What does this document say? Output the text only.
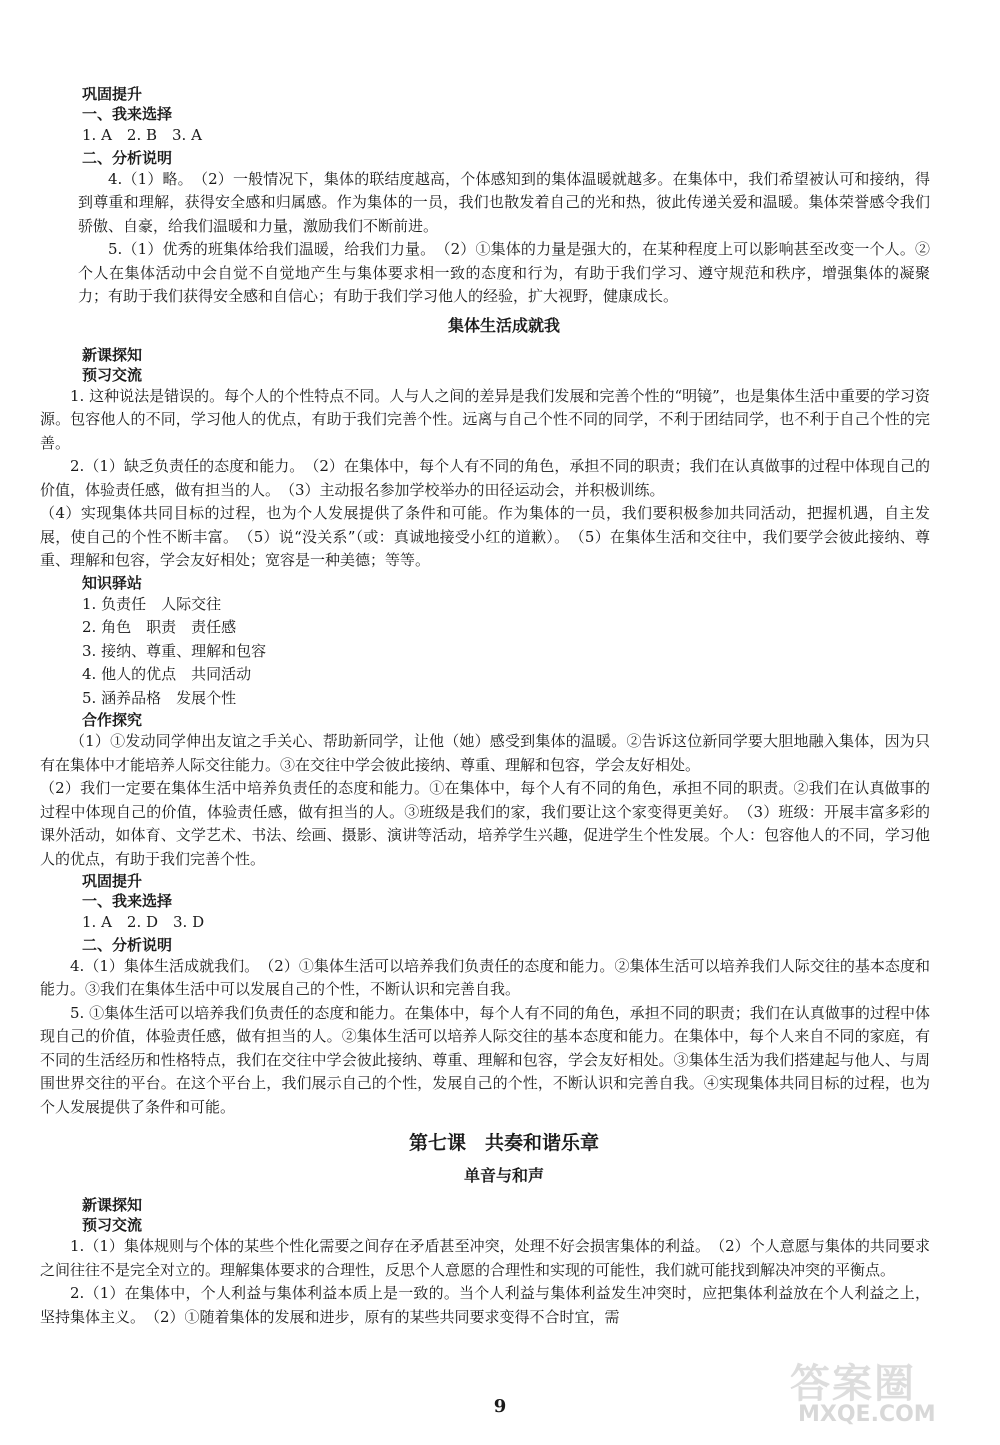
巩固提升

一、我来选择

1. A　2. B　3. A

二、分析说明

4.（1）略。　（2）一般情况下，集体的联结度越高，个体感知到的集体温暖就越多。在集体中，我们希望被认可和接纳，得到尊重和理解，获得安全感和归属感。作为集体的一员，我们也散发着自己的光和热，彼此传递关爱和温暖。集体荣誉感令我们骄傲、自豪，给我们温暖和力量，激励我们不断前进。

5.（1）优秀的班集体给我们温暖，给我们力量。　（2）①集体的力量是强大的，在某种程度上可以影响甚至改变一个人。②个人在集体活动中会自觉不自觉地产生与集体要求相一致的态度和行为，有助于我们学习、遵守规范和秩序，增强集体的凝聚力；有助于我们获得安全感和自信心；有助于我们学习他人的经验，扩大视野，健康成长。

集体生活成就我

新课探知

预习交流

1. 这种说法是错误的。每个人的个性特点不同。人与人之间的差异是我们发展和完善个性的“明镜”，也是集体生活中重要的学习资源。包容他人的不同，学习他人的优点，有助于我们完善个性。远离与自己个性不同的同学，不利于团结同学，也不利于自己个性的完善。

2.（1）缺乏负责任的态度和能力。　（2）在集体中，每个人有不同的角色，承担不同的职责；我们在认真做事的过程中体现自己的价值，体验责任感，做有担当的人。　（3）主动报名参加学校举办的田径运动会，并积极训练。

（4）实现集体共同目标的过程，也为个人发展提供了条件和可能。作为集体的一员，我们要积极参加共同活动，把握机遇，自主发展，使自己的个性不断丰富。　（5）说“没关系”（或：真诚地接受小红的道歉）。　（5）在集体生活和交往中，我们要学会彼此接纳、尊重、理解和包容，学会友好相处；宽容是一种美德；等等。

知识驿站

1. 负责任　人际交往

2. 角色　职责　责任感

3. 接纳、尊重、理解和包容

4. 他人的优点　共同活动

5. 涵养品格　发展个性

合作探究

（1）①发动同学伸出友谊之手关心、帮助新同学，让他（她）感受到集体的温暖。②告诉这位新同学要大胆地融入集体，因为只有在集体中才能培养人际交往能力。③在交往中学会彼此接纳、尊重、理解和包容，学会友好相处。

（2）我们一定要在集体生活中培养负责任的态度和能力。①在集体中，每个人有不同的角色，承担不同的职责。②我们在认真做事的过程中体现自己的价值，体验责任感，做有担当的人。③班级是我们的家，我们要让这个家变得更美好。　（3）班级：开展丰富多彩的课外活动，如体育、文学艺术、书法、绘画、摄影、演讲等活动，培养学生兴趣，促进学生个性发展。个人：包容他人的不同，学习他人的优点，有助于我们完善个性。

巩固提升

一、我来选择

1. A　2. D　3. D

二、分析说明

4.（1）集体生活成就我们。　（2）①集体生活可以培养我们负责任的态度和能力。②集体生活可以培养我们人际交往的基本态度和能力。③我们在集体生活中可以发展自己的个性，不断认识和完善自我。

5. ①集体生活可以培养我们负责任的态度和能力。在集体中，每个人有不同的角色，承担不同的职责；我们在认真做事的过程中体现自己的价值，体验责任感，做有担当的人。②集体生活可以培养人际交往的基本态度和能力。在集体中，每个人来自不同的家庭，有不同的生活经历和性格特点，我们在交往中学会彼此接纳、尊重、理解和包容，学会友好相处。③集体生活为我们搭建起与他人、与周围世界交往的平台。在这个平台上，我们展示自己的个性，发展自己的个性，不断认识和完善自我。④实现集体共同目标的过程，也为个人发展提供了条件和可能。

第七课　共奏和谐乐章

单音与和声

新课探知

预习交流

1.（1）集体规则与个体的某些个性化需要之间存在矛盾甚至冲突，处理不好会损害集体的利益。　（2）个人意愿与集体的共同要求之间往往不是完全对立的。理解集体要求的合理性，反思个人意愿的合理性和实现的可能性，我们就可能找到解决冲突的平衡点。

2.（1）在集体中，个人利益与集体利益本质上是一致的。当个人利益与集体利益发生冲突时，应把集体利益放在个人利益之上，坚持集体主义。　（2）①随着集体的发展和进步，原有的某些共同要求变得不合时宜，需

9	答案圈
MXQE.COM
